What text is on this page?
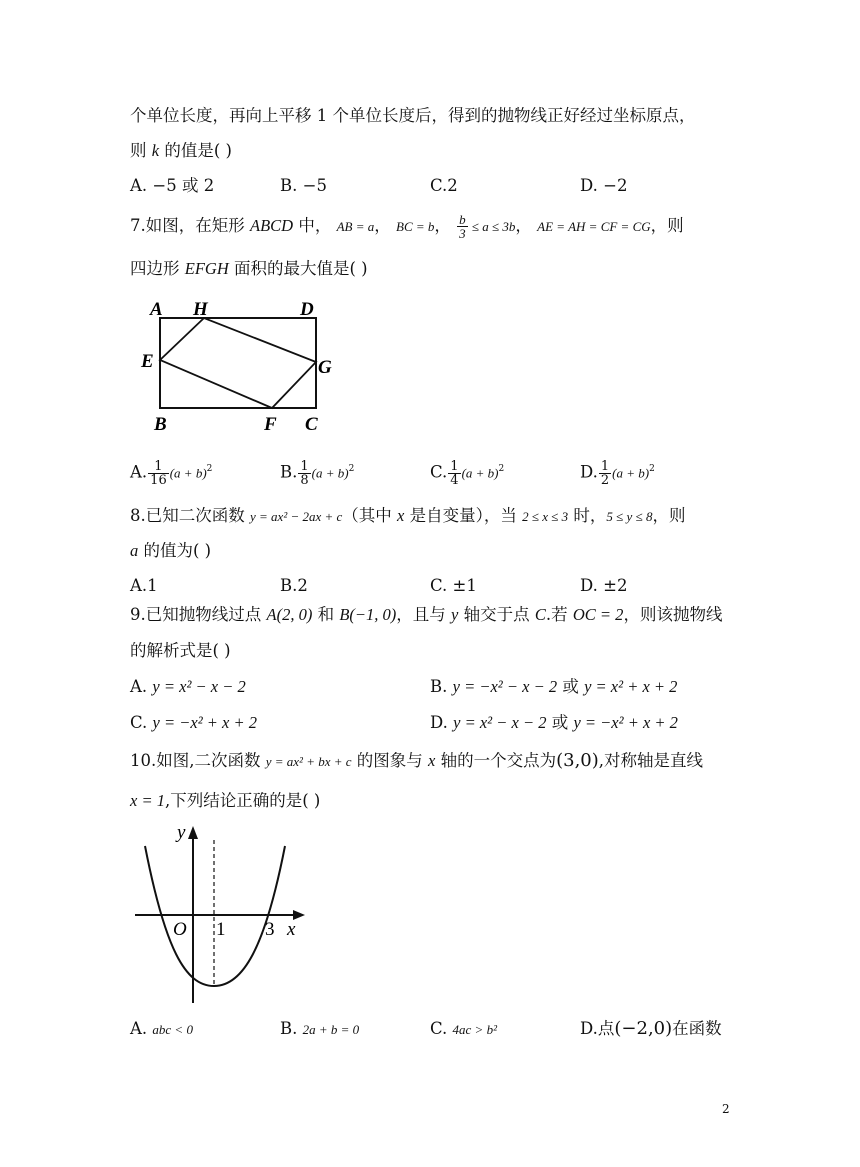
个单位长度，再向上平移 1 个单位长度后，得到的抛物线正好经过坐标原点，
则 k 的值是( )
A. −5 或 2	B. −5	C.2	D. −2
7.如图，在矩形 ABCD 中， AB = a， BC = b， $\frac{b}{3} \le a \le 3b$， AE = AH = CF = CG，则
四边形 EFGH 面积的最大值是( )
A H	D
E	G
B	F C
A. $\frac{1}{16} (a + b)^2$	B. $\frac{1}{8} (a + b)^2$	C. $\frac{1}{4} (a + b)^2$	D. $\frac{1}{2} (a + b)^2$
8.已知二次函数 y = ax² − 2ax + c（其中 x 是自变量），当 2 ≤ x ≤ 3 时，5 ≤ y ≤ 8，则
a 的值为( )
A.1	B.2	C. ±1	D. ±2
9.已知抛物线过点 A(2, 0) 和 B(−1, 0)，且与 y 轴交于点 C.若 OC = 2，则该抛物线
的解析式是( )
A. y = x² − x − 2	B. y = −x² − x − 2 或 y = x² + x + 2
C. y = −x² + x + 2	D. y = x² − x − 2 或 y = −x² + x + 2
10.如图,二次函数 y = ax² + bx + c 的图象与 x 轴的一个交点为(3,0),对称轴是直线
x = 1,下列结论正确的是( )
y
O 1 3 x
A. abc < 0	B. 2a + b = 0	C. 4ac > b²	D.点(−2,0)在函数
2
